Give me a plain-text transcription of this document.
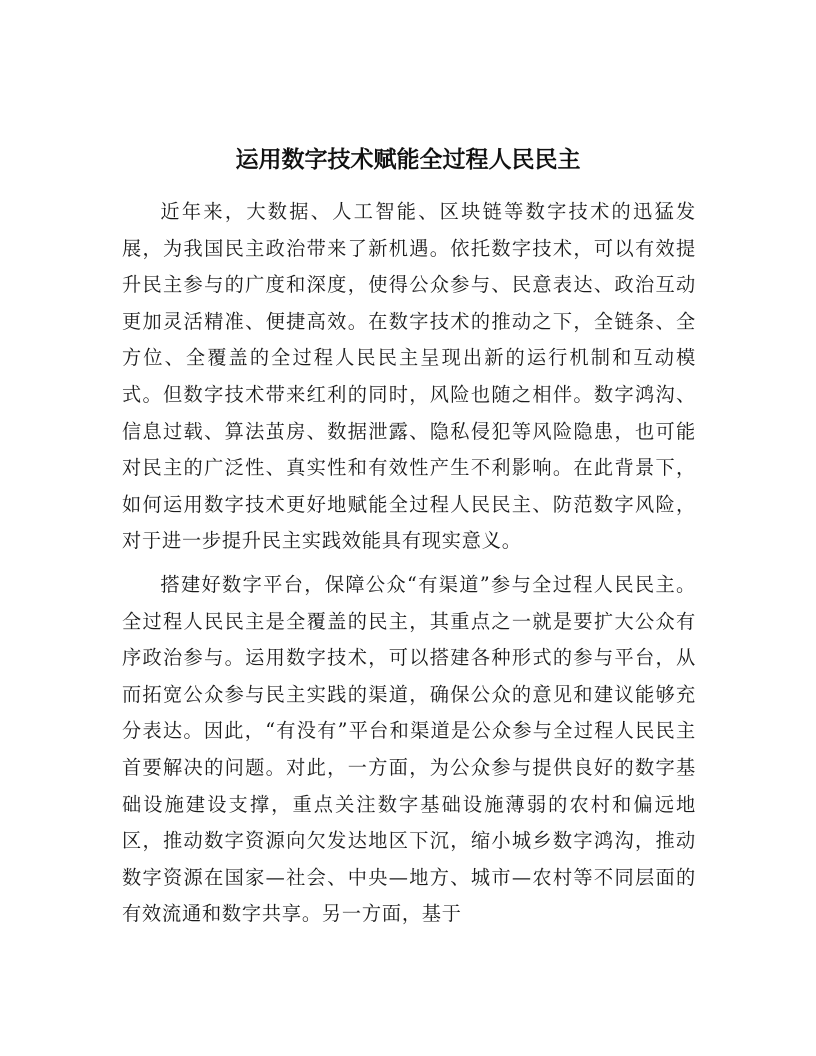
运用数字技术赋能全过程人民民主

近年来，大数据、人工智能、区块链等数字技术的迅猛发展，为我国民主政治带来了新机遇。依托数字技术，可以有效提升民主参与的广度和深度，使得公众参与、民意表达、政治互动更加灵活精准、便捷高效。在数字技术的推动之下，全链条、全方位、全覆盖的全过程人民民主呈现出新的运行机制和互动模式。但数字技术带来红利的同时，风险也随之相伴。数字鸿沟、信息过载、算法茧房、数据泄露、隐私侵犯等风险隐患，也可能对民主的广泛性、真实性和有效性产生不利影响。在此背景下，如何运用数字技术更好地赋能全过程人民民主、防范数字风险，对于进一步提升民主实践效能具有现实意义。

搭建好数字平台，保障公众“有渠道”参与全过程人民民主。全过程人民民主是全覆盖的民主，其重点之一就是要扩大公众有序政治参与。运用数字技术，可以搭建各种形式的参与平台，从而拓宽公众参与民主实践的渠道，确保公众的意见和建议能够充分表达。因此，“有没有”平台和渠道是公众参与全过程人民民主首要解决的问题。对此，一方面，为公众参与提供良好的数字基础设施建设支撑，重点关注数字基础设施薄弱的农村和偏远地区，推动数字资源向欠发达地区下沉，缩小城乡数字鸿沟，推动数字资源在国家—社会、中央—地方、城市—农村等不同层面的有效流通和数字共享。另一方面，基于
